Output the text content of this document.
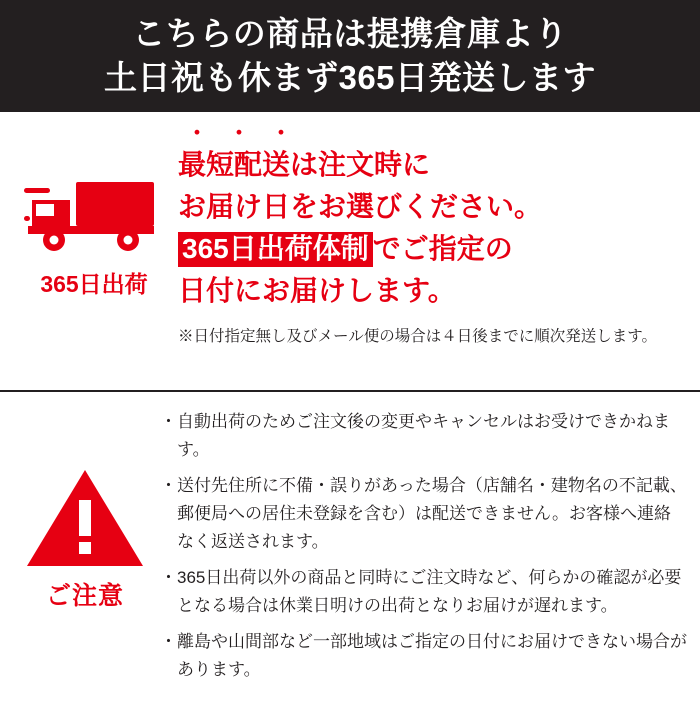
こちらの商品は提携倉庫より
土日祝も休まず365日発送します
365日出荷
・・・
最短配送は注文時に
お届け日をお選びください。
365日出荷体制 でご指定の
日付にお届けします。
※日付指定無し及びメール便の場合は４日後までに順次発送します。
ご注意
・ 自動出荷のためご注文後の変更やキャンセルはお受けできかねます。
・ 送付先住所に不備・誤りがあった場合（店舗名・建物名の不記載、郵便局への居住未登録を含む）は配送できません。お客様へ連絡なく返送されます。
・ 365日出荷以外の商品と同時にご注文時など、何らかの確認が必要となる場合は休業日明けの出荷となりお届けが遅れます。
・ 離島や山間部など一部地域はご指定の日付にお届けできない場合があります。
